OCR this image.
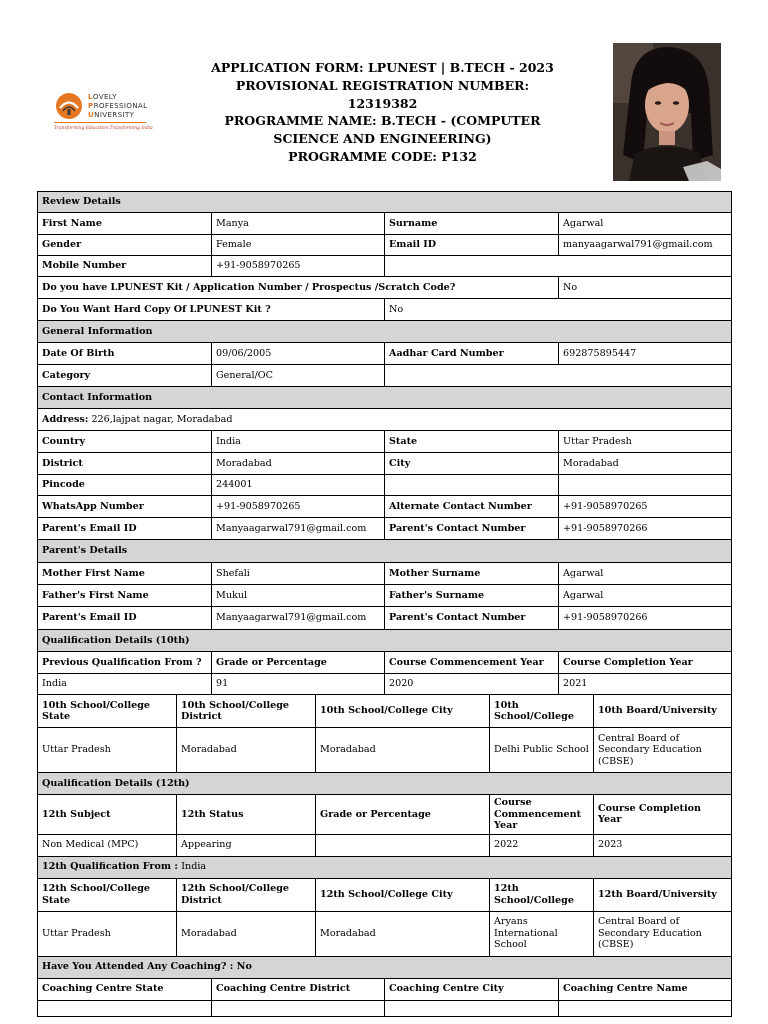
LOVELY
PROFESSIONAL
UNIVERSITY
Transforming Education Transforming India
APPLICATION FORM: LPUNEST | B.TECH - 2023
PROVISIONAL REGISTRATION NUMBER:
12319382
PROGRAMME NAME: B.TECH - (COMPUTER
SCIENCE AND ENGINEERING)
PROGRAMME CODE: P132
Review Details							
First Name		Manya		Surname		Agarwal	
Gender		Female		Email ID		manyaagarwal791@gmail.com	
Mobile Number		+91-9058970265					
Do you have LPUNEST Kit / Application Number / Prospectus /Scratch Code?						No	
Do You Want Hard Copy Of LPUNEST Kit ?				No			
General Information							
Date Of Birth		09/06/2005		Aadhar Card Number		692875895447	
Category		General/OC					
Contact Information							
Address: 226,lajpat nagar, Moradabad							
Country		India		State		Uttar Pradesh	
District		Moradabad		City		Moradabad	
Pincode		244001					
WhatsApp Number		+91-9058970265		Alternate Contact Number		+91-9058970265	
Parent's Email ID		Manyaagarwal791@gmail.com		Parent's Contact Number		+91-9058970266	
Parent's Details							
Mother First Name		Shefali		Mother Surname		Agarwal	
Father's First Name		Mukul		Father's Surname		Agarwal	
Parent's Email ID		Manyaagarwal791@gmail.com		Parent's Contact Number		+91-9058970266	
Qualification Details (10th)							
Previous Qualification From ?		Grade or Percentage		Course Commencement Year		Course Completion Year	
India		91		2020		2021	
10th School/College State	10th School/College District		10th School/College City		10th School/College		10th Board/University
Uttar Pradesh	Moradabad		Moradabad		Delhi Public School		Central Board of Secondary Education (CBSE)
Qualification Details (12th)							
12th Subject	12th Status		Grade or Percentage		Course Commencement Year		Course Completion Year
Non Medical (MPC)	Appearing				2022		2023
12th Qualification From : India							
12th School/College State	12th School/College District		12th School/College City		12th School/College		12th Board/University
Uttar Pradesh	Moradabad		Moradabad		Aryans International School		Central Board of Secondary Education (CBSE)
Have You Attended Any Coaching? : No							
Coaching Centre State		Coaching Centre District		Coaching Centre City		Coaching Centre Name	
